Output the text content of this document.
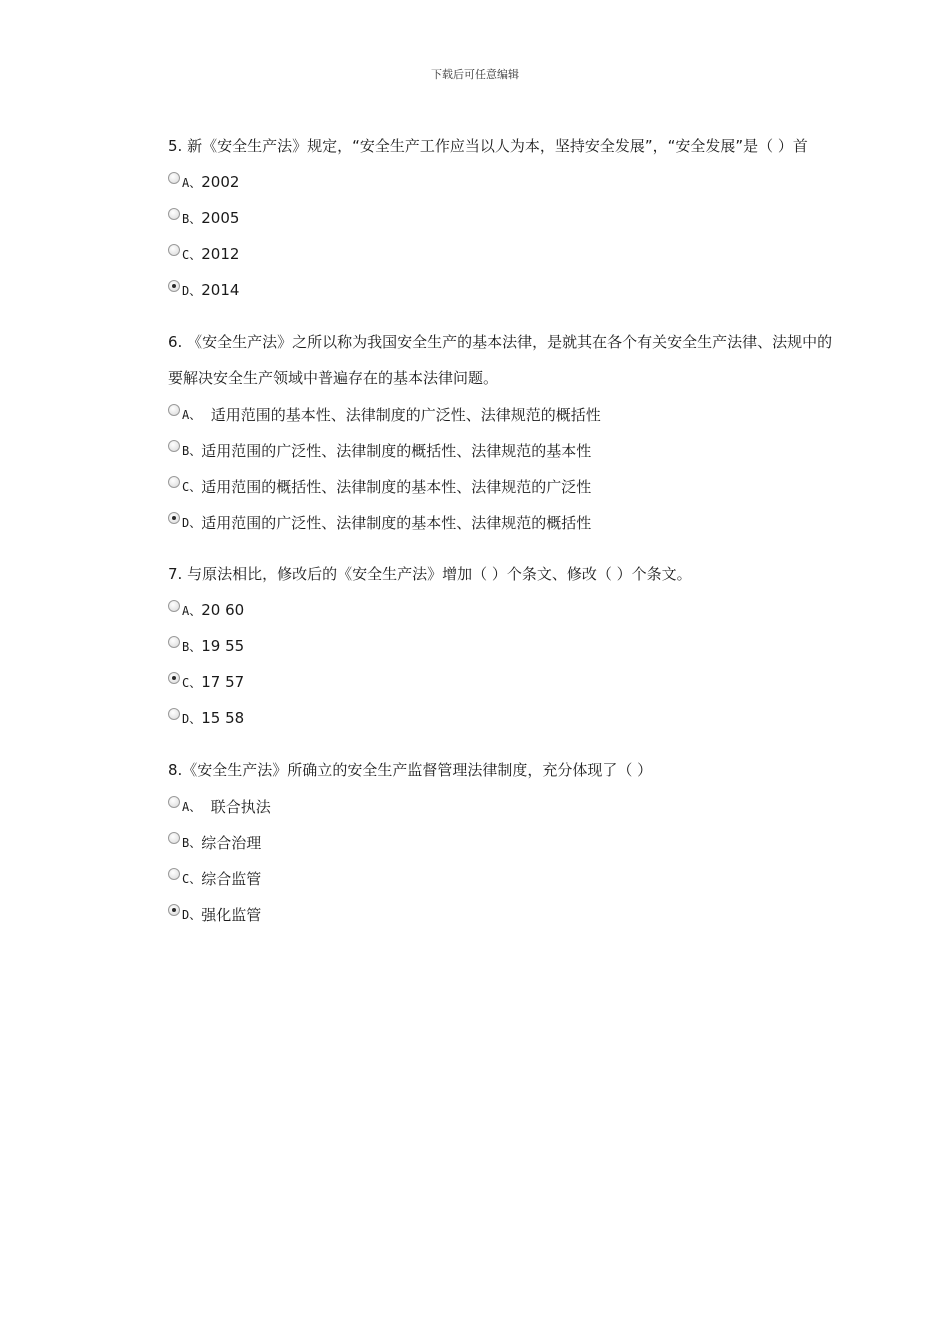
下载后可任意编辑
5. 新《安全生产法》规定，“安全生产工作应当以人为本，坚持安全发展”，“安全发展”是（ ）首
A、 2002
B、 2005
C、 2012
D、 2014
6. 《安全生产法》之所以称为我国安全生产的基本法律，是就其在各个有关安全生产法律、法规中的
要解决安全生产领域中普遍存在的基本法律问题。
A、 适用范围的基本性、法律制度的广泛性、法律规范的概括性
B、 适用范围的广泛性、法律制度的概括性、法律规范的基本性
C、 适用范围的概括性、法律制度的基本性、法律规范的广泛性
D、 适用范围的广泛性、法律制度的基本性、法律规范的概括性
7. 与原法相比，修改后的《安全生产法》增加（ ）个条文、修改（ ）个条文。
A、 20 60
B、 19 55
C、 17 57
D、 15 58
8.《安全生产法》所确立的安全生产监督管理法律制度，充分体现了（ ）
A、 联合执法
B、 综合治理
C、 综合监管
D、 强化监管
